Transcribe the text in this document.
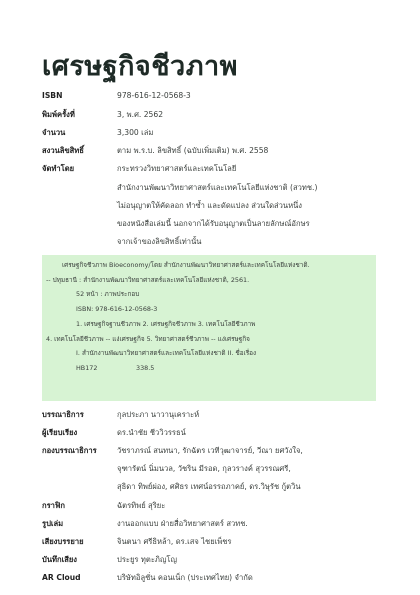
เศรษฐกิจชีวภาพ
ISBN	978-616-12-0568-3
พิมพ์ครั้งที่	3, พ.ศ. 2562
จำนวน	3,300 เล่ม
สงวนลิขสิทธิ์	ตาม พ.ร.บ. ลิขสิทธิ์ (ฉบับเพิ่มเติม) พ.ศ. 2558
จัดทำโดย	กระทรวงวิทยาศาสตร์และเทคโนโลยี
สำนักงานพัฒนาวิทยาศาสตร์และเทคโนโลยีแห่งชาติ (สวทช.)
ไม่อนุญาตให้คัดลอก ทำซ้ำ และดัดแปลง ส่วนใดส่วนหนึ่ง
ของหนังสือเล่มนี้ นอกจากได้รับอนุญาตเป็นลายลักษณ์อักษร
จากเจ้าของลิขสิทธิ์เท่านั้น
เศรษฐกิจชีวภาพ Bioeconomy/โดย สำนักงานพัฒนาวิทยาศาสตร์และเทคโนโลยีแห่งชาติ.
-- ปทุมธานี : สำนักงานพัฒนาวิทยาศาสตร์และเทคโนโลยีแห่งชาติ, 2561.
52 หน้า : ภาพประกอบ
ISBN: 978-616-12-0568-3
1. เศรษฐกิจฐานชีวภาพ 2. เศรษฐกิจชีวภาพ 3. เทคโนโลยีชีวภาพ
4. เทคโนโลยีชีวภาพ -- แง่เศรษฐกิจ 5. วิทยาศาสตร์ชีวภาพ -- แง่เศรษฐกิจ
I. สำนักงานพัฒนาวิทยาศาสตร์และเทคโนโลยีแห่งชาติ II. ชื่อเรื่อง
HB172	338.5
บรรณาธิการ	กุลประภา นาวานุเคราะห์
ผู้เรียบเรียง	ดร.นำชัย ชีววิวรรธน์
กองบรรณาธิการ	วัชราภรณ์ สนทนา, รักฉัตร เวทีวุฒาจารย์, วีณา ยศวังใจ,
จุฑารัตน์ นิ่มนวล, วัชริน มีรอด, กุลวรางค์ สุวรรณศรี,
สุธิดา ทิพย์ผ่อง, ศศิธร เทศน์อรรถภาคย์, ดร.วิษุรัช กู้ตวิน
กราฟิก	ฉัตรทิพย์ สุริยะ
รูปเล่ม	งานออกแบบ ฝ่ายสื่อวิทยาศาสตร์ สวทช.
เสียงบรรยาย	จินตนา ศรีธิหล้า, ดร.เสจ ไชยเพ็ชร
บันทึกเสียง	ประยูร ทุตะภิญโญ
AR Cloud	บริษัทอิลูชั่น คอนเน็ก (ประเทศไทย) จำกัด
